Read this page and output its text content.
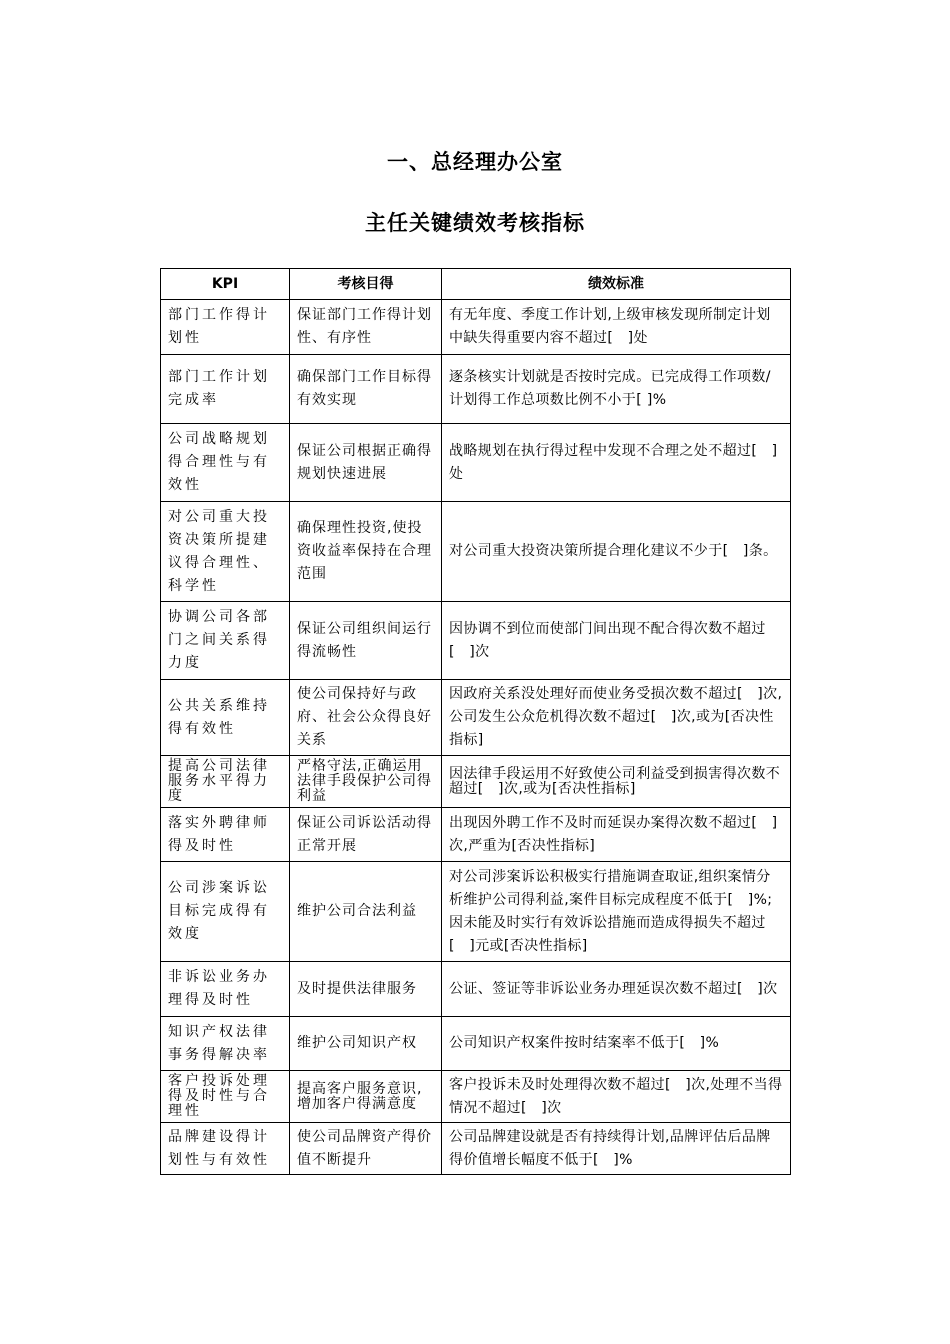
一、总经理办公室
主任关键绩效考核指标
KPI	考核目得	绩效标准
部门工作得计划性	保证部门工作得计划性、有序性	有无年度、季度工作计划,上级审核发现所制定计划中缺失得重要内容不超过[　]处
部门工作计划完成率	确保部门工作目标得有效实现	逐条核实计划就是否按时完成。已完成得工作项数/计划得工作总项数比例不小于[ ]%
公司战略规划得合理性与有效性	保证公司根据正确得规划快速进展	战略规划在执行得过程中发现不合理之处不超过[　]处
对公司重大投资决策所提建议得合理性、科学性	确保理性投资,使投资收益率保持在合理范围	对公司重大投资决策所提合理化建议不少于[　]条。
协调公司各部门之间关系得力度	保证公司组织间运行得流畅性	因协调不到位而使部门间出现不配合得次数不超过[　]次
公共关系维持得有效性	使公司保持好与政府、社会公众得良好关系	因政府关系没处理好而使业务受损次数不超过[　]次,公司发生公众危机得次数不超过[　]次,或为[否决性指标]
提高公司法律服务水平得力度	严格守法,正确运用法律手段保护公司得利益	因法律手段运用不好致使公司利益受到损害得次数不超过[　]次,或为[否决性指标]
落实外聘律师得及时性	保证公司诉讼活动得正常开展	出现因外聘工作不及时而延误办案得次数不超过[　]次,严重为[否决性指标]
公司涉案诉讼目标完成得有效度	维护公司合法利益	对公司涉案诉讼积极实行措施调查取证,组织案情分析维护公司得利益,案件目标完成程度不低于[　]%;因未能及时实行有效诉讼措施而造成得损失不超过[　]元或[否决性指标]
非诉讼业务办理得及时性	及时提供法律服务	公证、签证等非诉讼业务办理延误次数不超过[　]次
知识产权法律事务得解决率	维护公司知识产权	公司知识产权案件按时结案率不低于[　]%
客户投诉处理得及时性与合理性	提高客户服务意识,增加客户得满意度	客户投诉未及时处理得次数不超过[　]次,处理不当得情况不超过[　]次
品牌建设得计划性与有效性	使公司品牌资产得价值不断提升	公司品牌建设就是否有持续得计划,品牌评估后品牌得价值增长幅度不低于[　]%
